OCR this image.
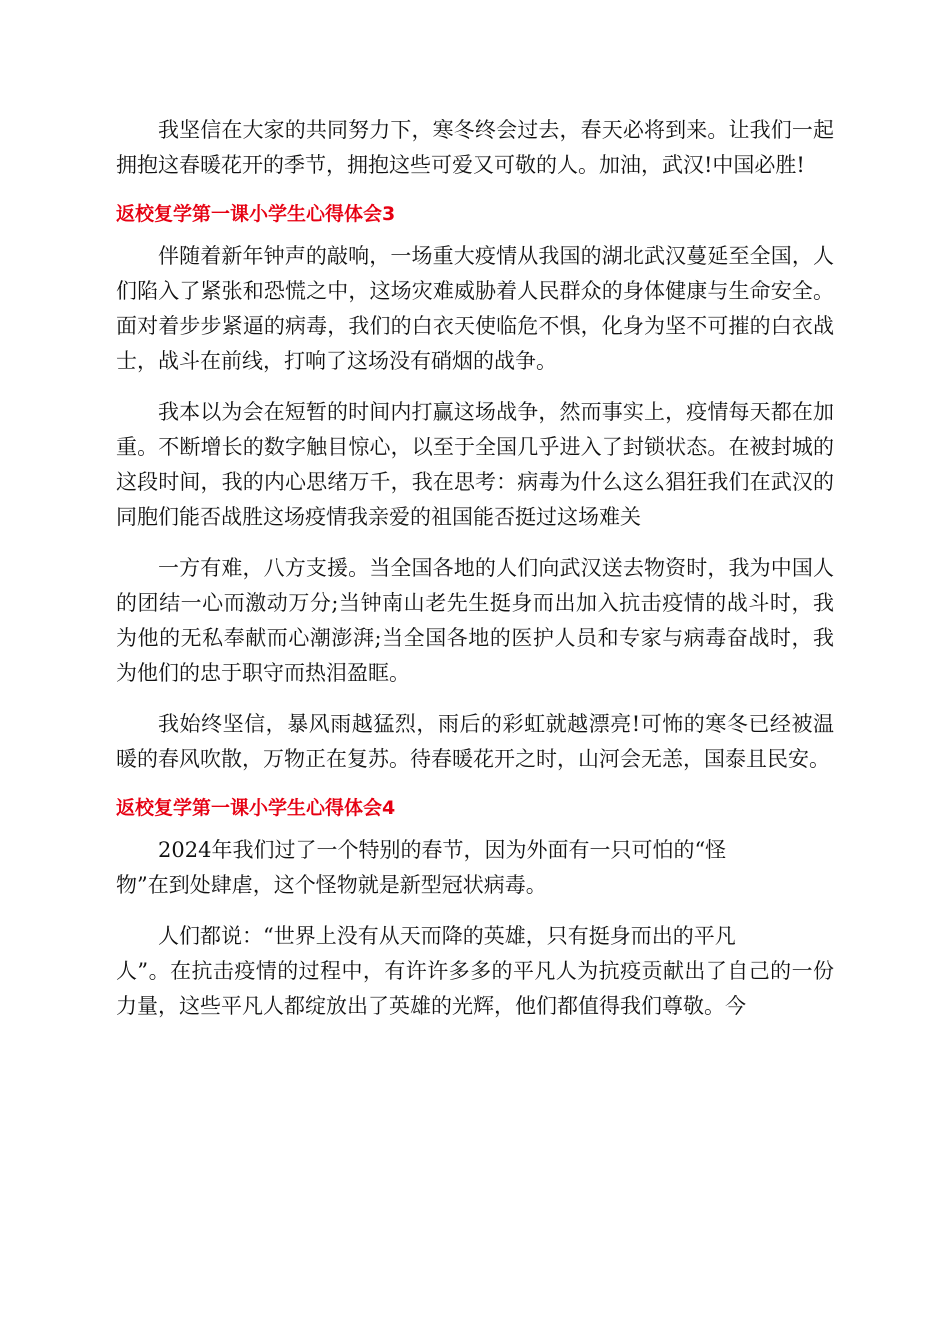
我坚信在大家的共同努力下，寒冬终会过去，春天必将到来。让我们一起拥抱这春暖花开的季节，拥抱这些可爱又可敬的人。加油，武汉!中国必胜!

返校复学第一课小学生心得体会3

伴随着新年钟声的敲响，一场重大疫情从我国的湖北武汉蔓延至全国，人们陷入了紧张和恐慌之中，这场灾难威胁着人民群众的身体健康与生命安全。面对着步步紧逼的病毒，我们的白衣天使临危不惧，化身为坚不可摧的白衣战士，战斗在前线，打响了这场没有硝烟的战争。

我本以为会在短暂的时间内打赢这场战争，然而事实上，疫情每天都在加重。不断增长的数字触目惊心，以至于全国几乎进入了封锁状态。在被封城的这段时间，我的内心思绪万千，我在思考：病毒为什么这么猖狂我们在武汉的同胞们能否战胜这场疫情我亲爱的祖国能否挺过这场难关

一方有难，八方支援。当全国各地的人们向武汉送去物资时，我为中国人的团结一心而激动万分;当钟南山老先生挺身而出加入抗击疫情的战斗时，我为他的无私奉献而心潮澎湃;当全国各地的医护人员和专家与病毒奋战时，我为他们的忠于职守而热泪盈眶。

我始终坚信，暴风雨越猛烈，雨后的彩虹就越漂亮!可怖的寒冬已经被温暖的春风吹散，万物正在复苏。待春暖花开之时，山河会无恙，国泰且民安。

返校复学第一课小学生心得体会4

2024年我们过了一个特别的春节，因为外面有一只可怕的“怪
物”在到处肆虐，这个怪物就是新型冠状病毒。

人们都说：“世界上没有从天而降的英雄，只有挺身而出的平凡
人”。在抗击疫情的过程中，有许许多多的平凡人为抗疫贡献出了自己的一份力量，这些平凡人都绽放出了英雄的光辉，他们都值得我们尊敬。今
